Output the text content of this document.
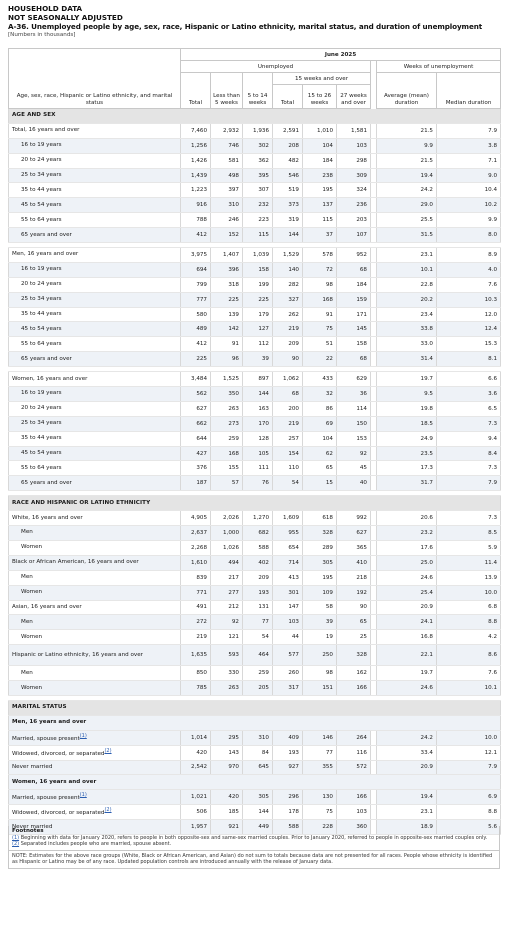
HOUSEHOLD DATA
NOT SEASONALLY ADJUSTED
A-36. Unemployed people by age, sex, race, Hispanic or Latino ethnicity, marital status, and duration of unemployment
[Numbers in thousands]
Age, sex, race, Hispanic or Latino ethnicity, and marital status	June 2025								
	Unemployed							Weeks of unemployment	
	Total	Less than 5 weeks	5 to 14 weeks	15 weeks and over				Average (mean) duration	Median duration
				Total	15 to 26 weeks	27 weeks and over			
AGE AND SEX									
Total, 16 years and over	7,460	2,932	1,936	2,591	1,010	1,581		21.5	7.9
16 to 19 years	1,256	746	302	208	104	103		9.9	3.8
20 to 24 years	1,426	581	362	482	184	298		21.5	7.1
25 to 34 years	1,439	498	395	546	238	309		19.4	9.0
35 to 44 years	1,223	397	307	519	195	324		24.2	10.4
45 to 54 years	916	310	232	373	137	236		29.0	10.2
55 to 64 years	788	246	223	319	115	203		25.5	9.9
65 years and over	412	152	115	144	37	107		31.5	8.0

Men, 16 years and over	3,975	1,407	1,039	1,529	578	952		23.1	8.9
16 to 19 years	694	396	158	140	72	68		10.1	4.0
20 to 24 years	799	318	199	282	98	184		22.8	7.6
25 to 34 years	777	225	225	327	168	159		20.2	10.3
35 to 44 years	580	139	179	262	91	171		23.4	12.0
45 to 54 years	489	142	127	219	75	145		33.8	12.4
55 to 64 years	412	91	112	209	51	158		33.0	15.3
65 years and over	225	96	39	90	22	68		31.4	8.1

Women, 16 years and over	3,484	1,525	897	1,062	433	629		19.7	6.6
16 to 19 years	562	350	144	68	32	36		9.5	3.6
20 to 24 years	627	263	163	200	86	114		19.8	6.5
25 to 34 years	662	273	170	219	69	150		18.5	7.3
35 to 44 years	644	259	128	257	104	153		24.9	9.4
45 to 54 years	427	168	105	154	62	92		23.5	8.4
55 to 64 years	376	155	111	110	65	45		17.3	7.3
65 years and over	187	57	76	54	15	40		31.7	7.9

RACE AND HISPANIC OR LATINO ETHNICITY									
White, 16 years and over	4,905	2,026	1,270	1,609	618	992		20.6	7.3
Men	2,637	1,000	682	955	328	627		23.2	8.5
Women	2,268	1,026	588	654	289	365		17.6	5.9
Black or African American, 16 years and over	1,610	494	402	714	305	410		25.0	11.4
Men	839	217	209	413	195	218		24.6	13.9
Women	771	277	193	301	109	192		25.4	10.0
Asian, 16 years and over	491	212	131	147	58	90		20.9	6.8
Men	272	92	77	103	39	65		24.1	8.8
Women	219	121	54	44	19	25		16.8	4.2
Hispanic or Latino ethnicity, 16 years and over	1,635	593	464	577	250	328		22.1	8.6
Men	850	330	259	260	98	162		19.7	7.6
Women	785	263	205	317	151	166		24.6	10.1

MARITAL STATUS									
Men, 16 years and over									
Married, spouse present(1)	1,014	295	310	409	146	264		24.2	10.0
Widowed, divorced, or separated(2)	420	143	84	193	77	116		33.4	12.1
Never married	2,542	970	645	927	355	572		20.9	7.9
Women, 16 years and over									
Married, spouse present(1)	1,021	420	305	296	130	166		19.4	6.9
Widowed, divorced, or separated(2)	506	185	144	178	75	103		23.1	8.8
Never married	1,957	921	449	588	228	360		18.9	5.6
Footnotes
(1) Beginning with data for January 2020, refers to people in both opposite-sex and same-sex married couples. Prior to January 2020, referred to people in opposite-sex married couples only.
(2) Separated includes people who are married, spouse absent.
NOTE: Estimates for the above race groups (White, Black or African American, and Asian) do not sum to totals because data are not presented for all races. People whose ethnicity is identified as Hispanic or Latino may be of any race. Updated population controls are introduced annually with the release of January data.
